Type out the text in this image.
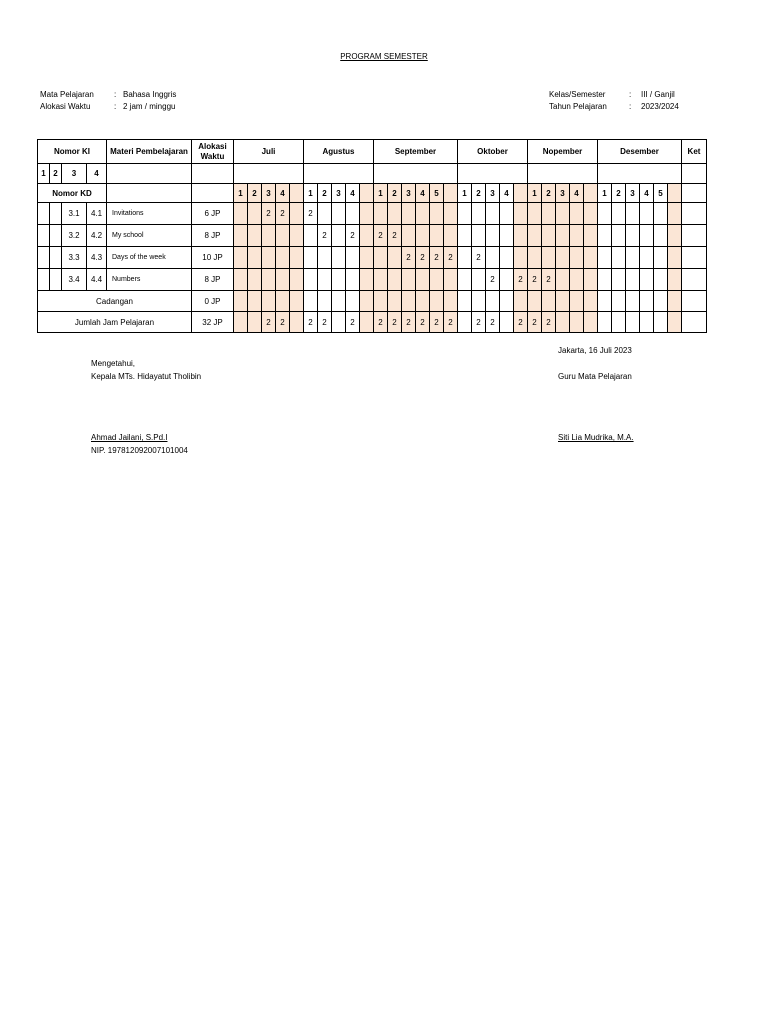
PROGRAM SEMESTER
Mata Pelajaran	: Bahasa Inggris
Alokasi Waktu	: 2 jam / minggu
Kelas/Semester	:	III / Ganjil
Tahun Pelajaran	:	2023/2024
Nomor KI				Materi Pembelajaran	Alokasi Waktu	Juli					Agustus					September						Oktober					Nopember					Desember						Ket
1	2	3	4																																			
Nomor KD						1	2	3	4		1	2	3	4		1	2	3	4	5		1	2	3	4		1	2	3	4		1	2	3	4	5		
		3.1	4.1	Invitations	6 JP			2	2		2																											
		3.2	4.2	My school	8 JP							2		2		2	2																					
		3.3	4.3	Days of the week	10 JP													2	2	2	2		2															
		3.4	4.4	Numbers	8 JP																			2		2	2	2										
Cadangan					0 JP																																	
Jumlah Jam Pelajaran					32 JP			2	2		2	2		2		2	2	2	2	2	2		2	2		2	2	2										
Mengetahui,
Kepala MTs. Hidayatut Tholibin
Ahmad Jailani, S.Pd.I
NIP. 197812092007101004
Jakarta, 16 Juli 2023
Guru Mata Pelajaran
Siti Lia Mudrika, M.A.
